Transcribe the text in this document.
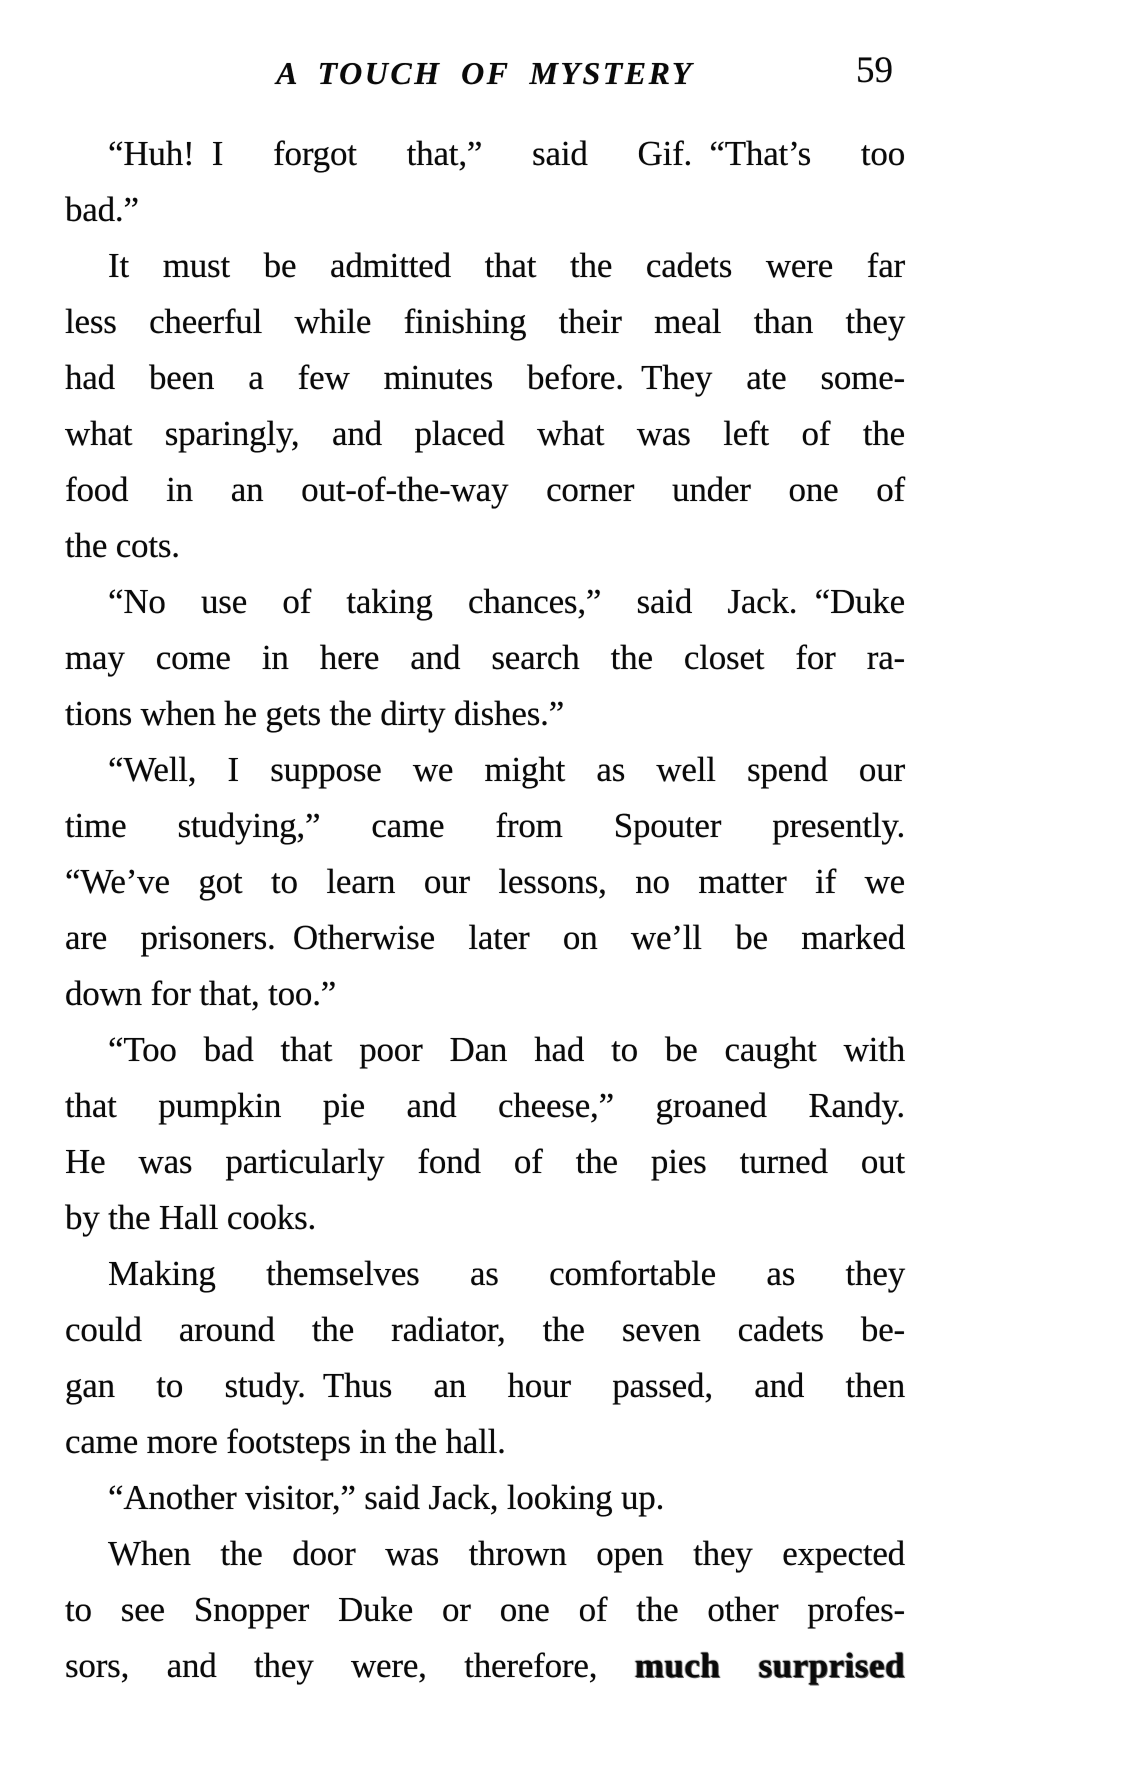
A TOUCH OF MYSTERY	59
“Huh! I forgot that,” said Gif. “That’s too
bad.”
It must be admitted that the cadets were far
less cheerful while finishing their meal than they
had been a few minutes before. They ate some-
what sparingly, and placed what was left of the
food in an out-of-the-way corner under one of
the cots.
“No use of taking chances,” said Jack. “Duke
may come in here and search the closet for ra-
tions when he gets the dirty dishes.”
“Well, I suppose we might as well spend our
time studying,” came from Spouter presently.
“We’ve got to learn our lessons, no matter if we
are prisoners. Otherwise later on we’ll be marked
down for that, too.”
“Too bad that poor Dan had to be caught with
that pumpkin pie and cheese,” groaned Randy.
He was particularly fond of the pies turned out
by the Hall cooks.
Making themselves as comfortable as they
could around the radiator, the seven cadets be-
gan to study. Thus an hour passed, and then
came more footsteps in the hall.
“Another visitor,” said Jack, looking up.
When the door was thrown open they expected
to see Snopper Duke or one of the other profes-
sors, and they were, therefore, much surprised
